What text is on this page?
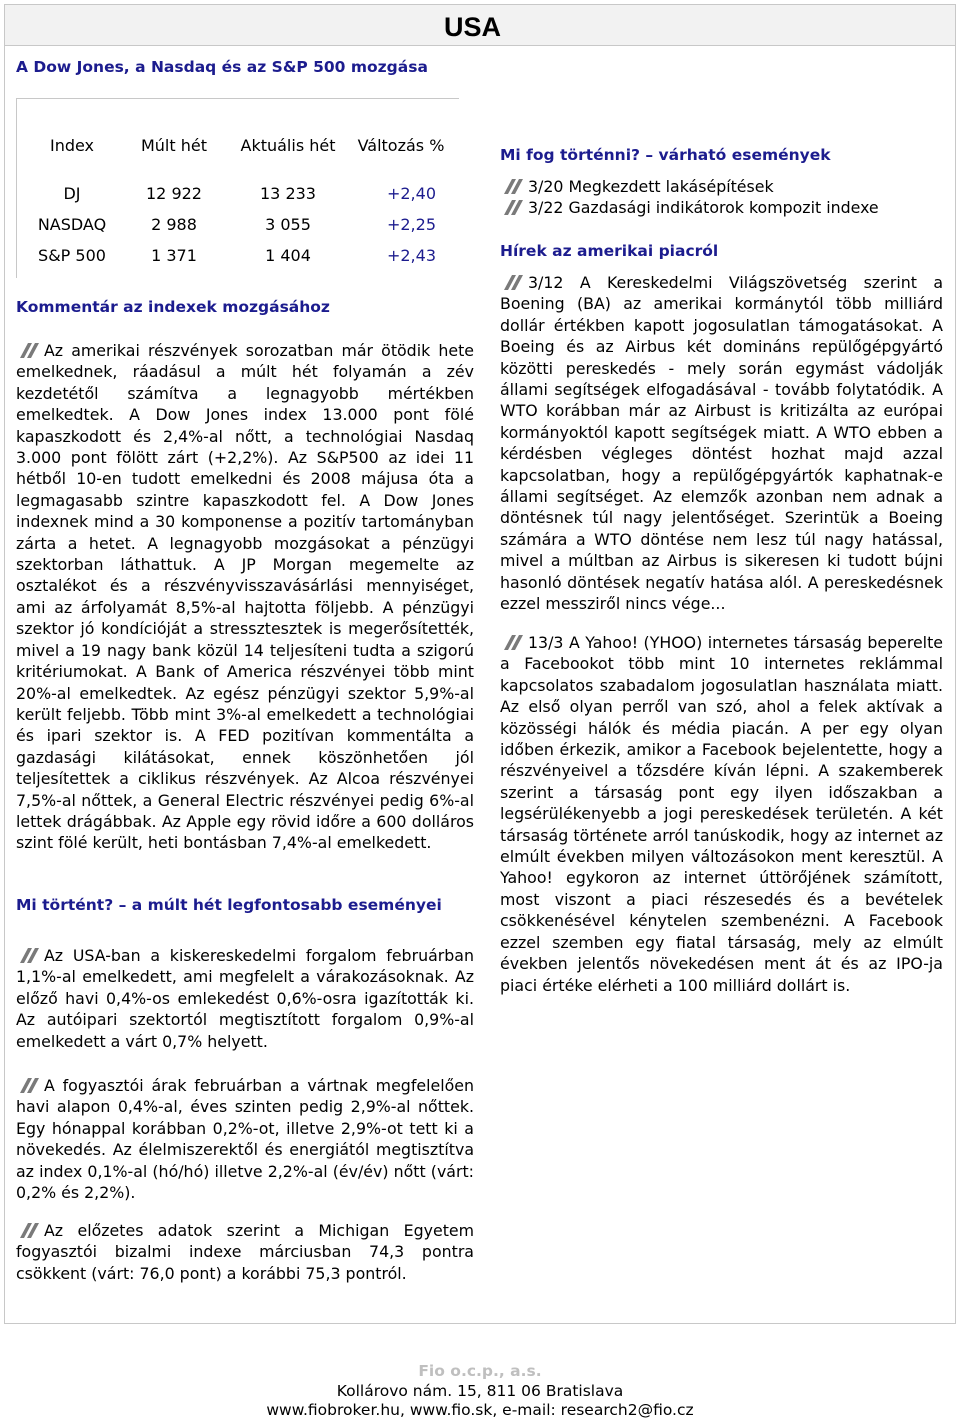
USA
A Dow Jones, a Nasdaq és az S&P 500 mozgása
Index	Múlt hét	Aktuális hét	Változás %
DJ	12 922	13 233	+2,40
NASDAQ	2 988	3 055	+2,25
S&P 500	1 371	1 404	+2,43
Kommentár az indexek mozgásához
Az amerikai részvények sorozatban már ötödik hete emelkednek, ráadásul a múlt hét folyamán a zév kezdetétől számítva a legnagyobb mértékben emelkedtek. A Dow Jones index 13.000 pont fölé kapaszkodott és 2,4%-al nőtt, a technológiai Nasdaq 3.000 pont fölött zárt (+2,2%). Az S&P500 az idei 11 hétből 10-en tudott emelkedni és 2008 májusa óta a legmagasabb szintre kapaszkodott fel. A Dow Jones indexnek mind a 30 komponense a pozitív tartományban zárta a hetet. A legnagyobb mozgásokat a pénzügyi szektorban láthattuk. A JP Morgan megemelte az osztalékot és a részvényvisszavásárlási mennyiséget, ami az árfolyamát 8,5%-al hajtotta följebb. A pénzügyi szektor jó kondícióját a stressztesztek is megerősítették, mivel a 19 nagy bank közül 14 teljesíteni tudta a szigorú kritériumokat. A Bank of America részvényei több mint 20%-al emelkedtek. Az egész pénzügyi szektor 5,9%-al került feljebb. Több mint 3%-al emelkedett a technológiai és ipari szektor is. A FED pozitívan kommentálta a gazdasági kilátásokat, ennek köszönhetően jól teljesítettek a ciklikus részvények. Az Alcoa részvényei 7,5%-al nőttek, a General Electric részvényei pedig 6%-al lettek drágábbak. Az Apple egy rövid időre a 600 dolláros szint fölé került, heti bontásban 7,4%-al emelkedett.
Mi történt? – a múlt hét legfontosabb eseményei
Az USA-ban a kiskereskedelmi forgalom februárban 1,1%-al emelkedett, ami megfelelt a várakozásoknak. Az előző havi 0,4%-os emlekedést 0,6%-osra igazították ki. Az autóipari szektortól megtisztított forgalom 0,9%-al emelkedett a várt 0,7% helyett.
A fogyasztói árak februárban a vártnak megfelelően havi alapon 0,4%-al, éves szinten pedig 2,9%-al nőttek. Egy hónappal korábban 0,2%-ot, illetve 2,9%-ot tett ki a növekedés. Az élelmiszerektől és energiától megtisztítva az index 0,1%-al (hó/hó) illetve 2,2%-al (év/év) nőtt (várt: 0,2% és 2,2%).
Az előzetes adatok szerint a Michigan Egyetem fogyasztói bizalmi indexe márciusban 74,3 pontra csökkent (várt: 76,0 pont) a korábbi 75,3 pontról.
Mi fog történni? – várható események
3/20 Megkezdett lakásépítések
3/22 Gazdasági indikátorok kompozit indexe
Hírek az amerikai piacról
3/12 A Kereskedelmi Világszövetség szerint a Boening (BA) az amerikai kormánytól több milliárd dollár értékben kapott jogosulatlan támogatásokat. A Boeing és az Airbus két domináns repülőgépgyártó közötti pereskedés - mely során egymást vádolják állami segítségek elfogadásával - tovább folytatódik. A WTO korábban már az Airbust is kritizálta az európai kormányoktól kapott segítségek miatt. A WTO ebben a kérdésben végleges döntést hozhat majd azzal kapcsolatban, hogy a repülőgépgyártók kaphatnak-e állami segítséget. Az elemzők azonban nem adnak a döntésnek túl nagy jelentőséget. Szerintük a Boeing számára a WTO döntése nem lesz túl nagy hatással, mivel a múltban az Airbus is sikeresen ki tudott bújni hasonló döntések negatív hatása alól. A pereskedésnek ezzel messziről nincs vége...
13/3 A Yahoo! (YHOO) internetes társaság beperelte a Facebookot több mint 10 internetes reklámmal kapcsolatos szabadalom jogosulatlan használata miatt. Az első olyan perről van szó, ahol a felek aktívak a közösségi hálók és média piacán. A per egy olyan időben érkezik, amikor a Facebook bejelentette, hogy a részvényeivel a tőzsdére kíván lépni. A szakemberek szerint a társaság pont egy ilyen időszakban a legsérülékenyebb a jogi pereskedések területén. A két társaság története arról tanúskodik, hogy az internet az elmúlt években milyen változásokon ment keresztül. A Yahoo! egykoron az internet úttörőjének számított, most viszont a piaci részesedés és a bevételek csökkenésével kénytelen szembenézni. A Facebook ezzel szemben egy fiatal társaság, mely az elmúlt években jelentős növekedésen ment át és az IPO-ja piaci értéke elérheti a 100 milliárd dollárt is.
Fio o.c.p., a.s.
Kollárovo nám. 15, 811 06 Bratislava
www.fiobroker.hu, www.fio.sk, e-mail: research2@fio.cz
